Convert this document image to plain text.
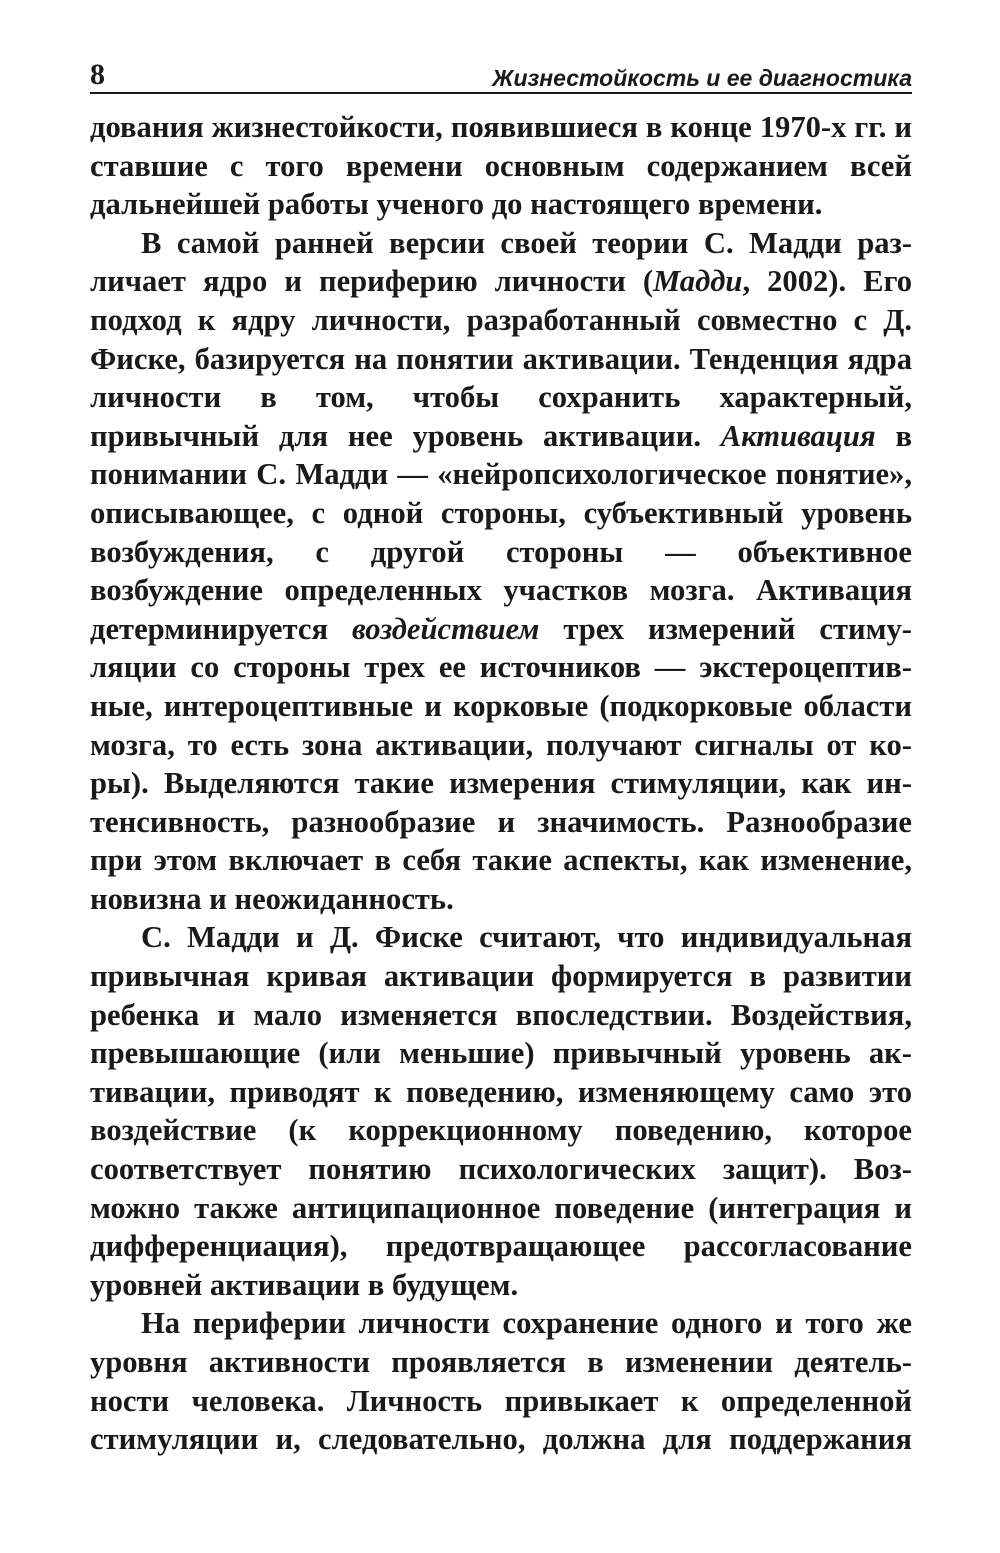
8	Жизнестойкость и ее диагностика

дования жизнестойкости, появившиеся в конце 1970-х гг. и ставшие с того времени основным содержанием всей дальнейшей работы ученого до настоящего времени.

В самой ранней версии своей теории С. Мадди различает ядро и периферию личности (Мадди, 2002). Его подход к ядру личности, разработанный совместно с Д. Фиске, базируется на понятии активации. Тенденция ядра личности в том, чтобы сохранить характерный, привычный для нее уровень активации. Активация в понимании С. Мадди — «нейропсихологическое понятие», описывающее, с одной стороны, субъективный уровень возбуждения, с другой стороны — объективное возбуждение определенных участков мозга. Активация детерминируется воздействием трех измерений стимуляции со стороны трех ее источников — экстероцептивные, интероцептивные и корковые (подкорковые области мозга, то есть зона активации, получают сигналы от коры). Выделяются такие измерения стимуляции, как интенсивность, разнообразие и значимость. Разнообразие при этом включает в себя такие аспекты, как изменение, новизна и неожиданность.

С. Мадди и Д. Фиске считают, что индивидуальная привычная кривая активации формируется в развитии ребенка и мало изменяется впоследствии. Воздействия, превышающие (или меньшие) привычный уровень активации, приводят к поведению, изменяющему само это воздействие (к коррекционному поведению, которое соответствует понятию психологических защит). Возможно также антиципационное поведение (интеграция и дифференциация), предотвращающее рассогласование уровней активации в будущем.

На периферии личности сохранение одного и того же уровня активности проявляется в изменении деятельности человека. Личность привыкает к определенной стимуляции и, следовательно, должна для поддержания
